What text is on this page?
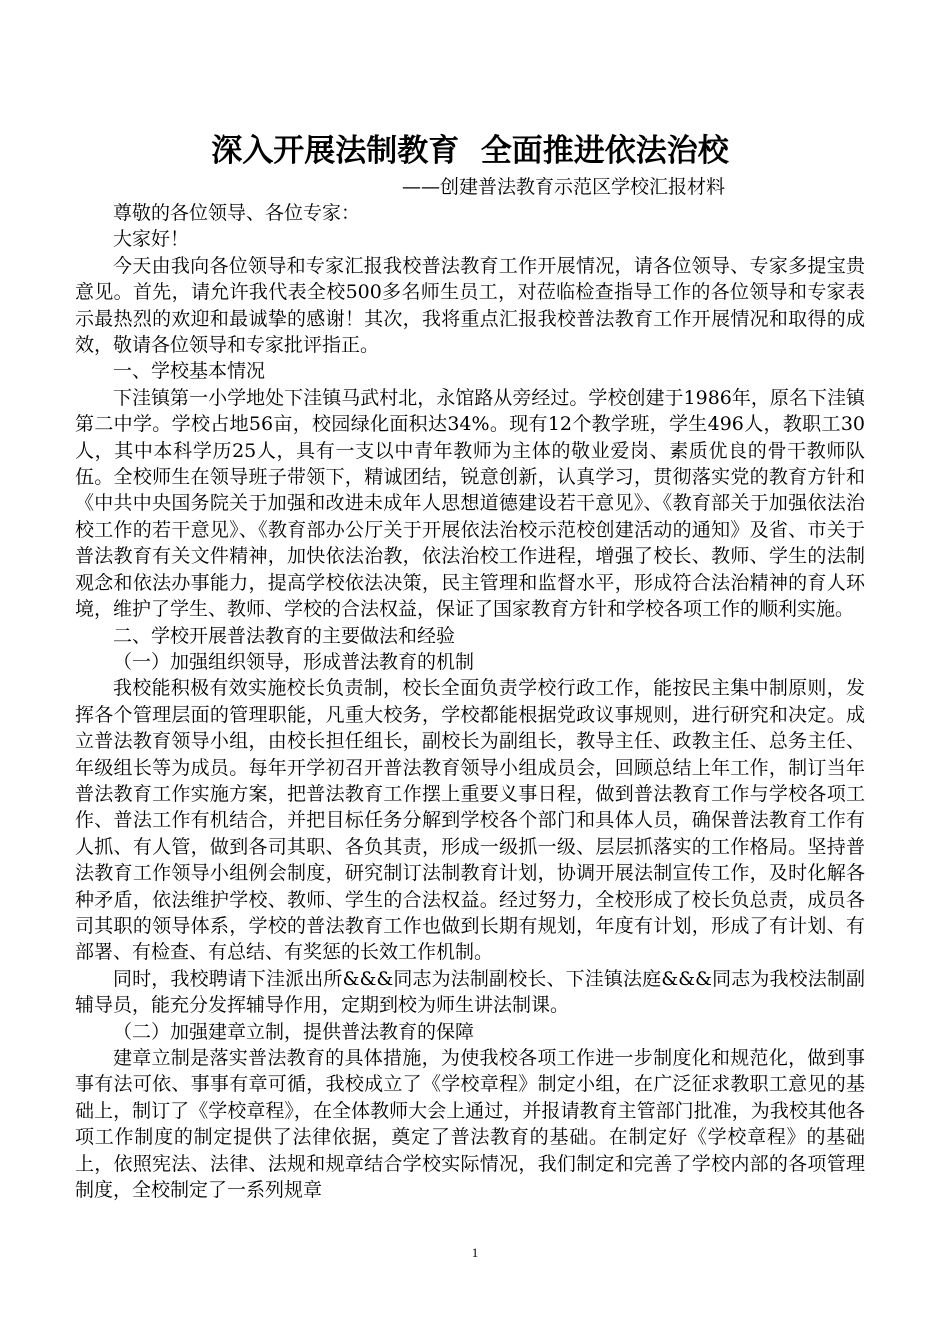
深入开展法制教育  全面推进依法治校

——创建普法教育示范区学校汇报材料

尊敬的各位领导、各位专家：

大家好！

今天由我向各位领导和专家汇报我校普法教育工作开展情况，请各位领导、专家多提宝贵意见。首先，请允许我代表全校500多名师生员工，对莅临检查指导工作的各位领导和专家表示最热烈的欢迎和最诚挚的感谢！其次，我将重点汇报我校普法教育工作开展情况和取得的成效，敬请各位领导和专家批评指正。

一、学校基本情况

下洼镇第一小学地处下洼镇马武村北，永馆路从旁经过。学校创建于1986年，原名下洼镇第二中学。学校占地56亩，校园绿化面积达34%。现有12个教学班，学生496人，教职工30人，其中本科学历25人，具有一支以中青年教师为主体的敬业爱岗、素质优良的骨干教师队伍。全校师生在领导班子带领下，精诚团结，锐意创新，认真学习，贯彻落实党的教育方针和《中共中央国务院关于加强和改进未成年人思想道德建设若干意见》、《教育部关于加强依法治校工作的若干意见》、《教育部办公厅关于开展依法治校示范校创建活动的通知》及省、市关于普法教育有关文件精神，加快依法治教，依法治校工作进程，增强了校长、教师、学生的法制观念和依法办事能力，提高学校依法决策，民主管理和监督水平，形成符合法治精神的育人环境，维护了学生、教师、学校的合法权益，保证了国家教育方针和学校各项工作的顺利实施。

二、学校开展普法教育的主要做法和经验

（一）加强组织领导，形成普法教育的机制

我校能积极有效实施校长负责制，校长全面负责学校行政工作，能按民主集中制原则，发挥各个管理层面的管理职能，凡重大校务，学校都能根据党政议事规则，进行研究和决定。成立普法教育领导小组，由校长担任组长，副校长为副组长，教导主任、政教主任、总务主任、年级组长等为成员。每年开学初召开普法教育领导小组成员会，回顾总结上年工作，制订当年普法教育工作实施方案，把普法教育工作摆上重要义事日程，做到普法教育工作与学校各项工作、普法工作有机结合，并把目标任务分解到学校各个部门和具体人员，确保普法教育工作有人抓、有人管，做到各司其职、各负其责，形成一级抓一级、层层抓落实的工作格局。坚持普法教育工作领导小组例会制度，研究制订法制教育计划，协调开展法制宣传工作，及时化解各种矛盾，依法维护学校、教师、学生的合法权益。经过努力，全校形成了校长负总责，成员各司其职的领导体系，学校的普法教育工作也做到长期有规划，年度有计划，形成了有计划、有部署、有检查、有总结、有奖惩的长效工作机制。

同时，我校聘请下洼派出所&&&同志为法制副校长、下洼镇法庭&&&同志为我校法制副辅导员，能充分发挥辅导作用，定期到校为师生讲法制课。

（二）加强建章立制，提供普法教育的保障

建章立制是落实普法教育的具体措施，为使我校各项工作进一步制度化和规范化，做到事事有法可依、事事有章可循，我校成立了《学校章程》制定小组，在广泛征求教职工意见的基础上，制订了《学校章程》，在全体教师大会上通过，并报请教育主管部门批准，为我校其他各项工作制度的制定提供了法律依据，奠定了普法教育的基础。在制定好《学校章程》的基础上，依照宪法、法律、法规和规章结合学校实际情况，我们制定和完善了学校内部的各项管理制度，全校制定了一系列规章

1
